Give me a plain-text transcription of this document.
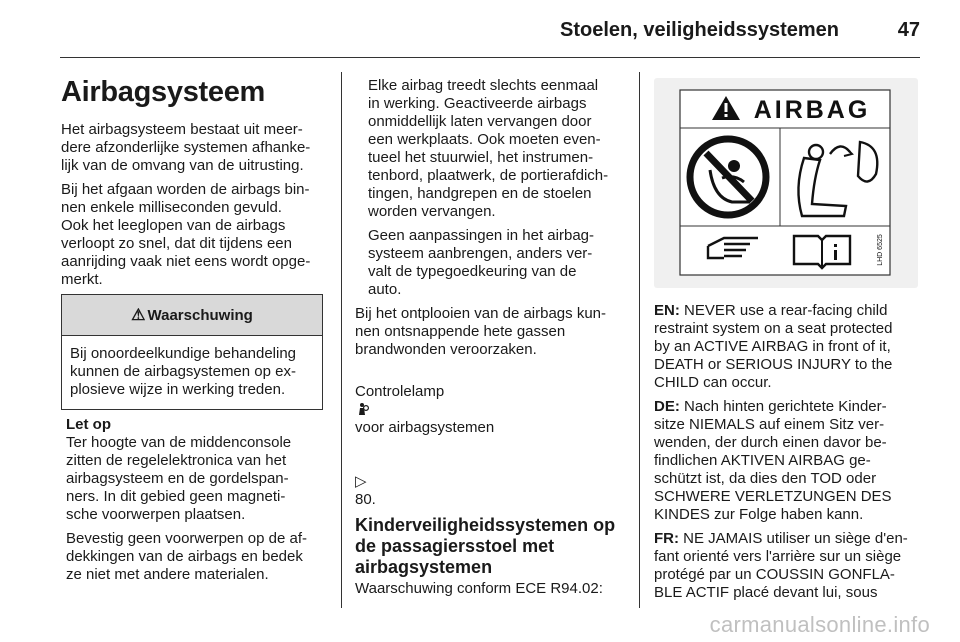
Stoelen, veiligheidssystemen	47
Airbagsysteem

Het airbagsysteem bestaat uit meer-
dere afzonderlijke systemen afhanke-
lijk van de omvang van de uitrusting.

Bij het afgaan worden de airbags bin-
nen enkele milliseconden gevuld.
Ook het leeglopen van de airbags
verloopt zo snel, dat dit tijdens een
aanrijding vaak niet eens wordt opge-
merkt.

⚠ Waarschuwing
Bij onoordeelkundige behandeling
kunnen de airbagsystemen op ex-
plosieve wijze in werking treden.
Let op

Ter hoogte van de middenconsole
zitten de regelelektronica van het
airbagsysteem en de gordelspan-
ners. In dit gebied geen magneti-
sche voorwerpen plaatsen.

Bevestig geen voorwerpen op de af-
dekkingen van de airbags en bedek
ze niet met andere materialen.

Elke airbag treedt slechts eenmaal
in werking. Geactiveerde airbags
onmiddellijk laten vervangen door
een werkplaats. Ook moeten even-
tueel het stuurwiel, het instrumen-
tenbord, plaatwerk, de portierafdich-
tingen, handgrepen en de stoelen
worden vervangen.

Geen aanpassingen in het airbag-
systeem aanbrengen, anders ver-
valt de typegoedkeuring van de
auto.

Bij het ontplooien van de airbags kun-
nen ontsnappende hete gassen
brandwonden veroorzaken.

Controlelamp

voor airbagsystemen

▷
80.

Kinderveiligheidssystemen op
de passagiersstoel met
airbagsystemen

Waarschuwing conform ECE R94.02:

AIRBAG
LHD 6525

EN: NEVER use a rear-facing child
restraint system on a seat protected
by an ACTIVE AIRBAG in front of it,
DEATH or SERIOUS INJURY to the
CHILD can occur.

DE: Nach hinten gerichtete Kinder-
sitze NIEMALS auf einem Sitz ver-
wenden, der durch einen davor be-
findlichen AKTIVEN AIRBAG ge-
schützt ist, da dies den TOD oder
SCHWERE VERLETZUNGEN DES
KINDES zur Folge haben kann.

FR: NE JAMAIS utiliser un siège d'en-
fant orienté vers l'arrière sur un siège
protégé par un COUSSIN GONFLA-
BLE ACTIF placé devant lui, sous

carmanualsonline.info
